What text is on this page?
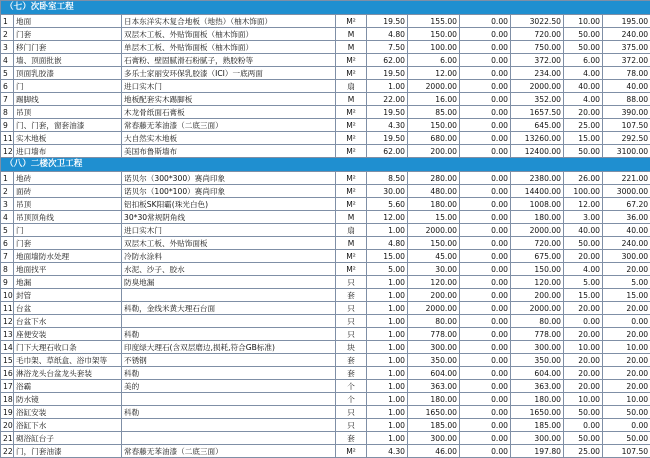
（七）次卧室工程									
1	地面	日本东洋实木复合地板（地热）（柚木饰面）	M²	19.50	155.00	0.00	3022.50	10.00	195.00
2	门套	双层木工板、外贴饰面板（柚木饰面）	M	4.80	150.00	0.00	720.00	50.00	240.00
3	移门门套	单层木工板、外贴饰面板（柚木饰面）	M	7.50	100.00	0.00	750.00	50.00	375.00
4	墙、顶面批嵌	石膏粉、壁固腻滑石粉腻子，熟胶粉等	M²	62.00	6.00	0.00	372.00	6.00	372.00
5	顶面乳胶漆	多乐士家丽安环保乳胶漆（ICI）一底两面	M²	19.50	12.00	0.00	234.00	4.00	78.00
6	门	进口实木门	扇	1.00	2000.00	0.00	2000.00	40.00	40.00
7	踢脚线	地板配套实木踢脚板	M	22.00	16.00	0.00	352.00	4.00	88.00
8	吊顶	木龙骨纸面石膏板	M²	19.50	85.00	0.00	1657.50	20.00	390.00
9	门、门套，窗套油漆	常春藤无苯油漆（二底三面）	M²	4.30	150.00	0.00	645.00	25.00	107.50
11	实木地板	大自然实木地板	M²	19.50	680.00	0.00	13260.00	15.00	292.50
12	进口墙布	美国布鲁斯墙布	M²	62.00	200.00	0.00	12400.00	50.00	3100.00
（八）二楼次卫工程									
1	地砖	诺贝尔（300*300）赛尚印象	M²	8.50	280.00	0.00	2380.00	26.00	221.00
2	面砖	诺贝尔（100*100）赛尚印象	M²	30.00	480.00	0.00	14400.00	100.00	3000.00
3	吊顶	铝扣板SK阳霸(珠光白色)	M²	5.60	180.00	0.00	1008.00	12.00	67.20
4	吊顶顶角线	30*30常规阴角线	M	12.00	15.00	0.00	180.00	3.00	36.00
5	门	进口实木门	扇	1.00	2000.00	0.00	2000.00	40.00	40.00
6	门套	双层木工板、外贴饰面板	M	4.80	150.00	0.00	720.00	50.00	240.00
7	地面墙防水处理	冷防水涂料	M²	15.00	45.00	0.00	675.00	20.00	300.00
8	地面找平	水泥、沙子、胶水	M²	5.00	30.00	0.00	150.00	4.00	20.00
9	地漏	防臭地漏	只	1.00	120.00	0.00	120.00	5.00	5.00
10	封管		套	1.00	200.00	0.00	200.00	15.00	15.00
11	台盆	科勒，金线米黄大理石台面	只	1.00	2000.00	0.00	2000.00	20.00	20.00
12	台盆下水		只	1.00	80.00	0.00	80.00	0.00	0.00
13	座便安装	科勒	只	1.00	778.00	0.00	778.00	20.00	20.00
14	门下大理石收口条	印度绿大理石(含双层磨边,损耗,符合GB标准)	块	1.00	300.00	0.00	300.00	10.00	10.00
15	毛巾架、草纸盒、浴巾架等	不锈钢	套	1.00	350.00	0.00	350.00	20.00	20.00
16	淋浴龙头台盆龙头套装	科勒	套	1.00	604.00	0.00	604.00	20.00	20.00
17	浴霸	美的	个	1.00	363.00	0.00	363.00	20.00	20.00
18	防水镜		个	1.00	180.00	0.00	180.00	10.00	10.00
19	浴缸安装	科勒	只	1.00	1650.00	0.00	1650.00	50.00	50.00
20	浴缸下水		只	1.00	185.00	0.00	185.00	0.00	0.00
21	砌浴缸台子		套	1.00	300.00	0.00	300.00	50.00	50.00
22	门，门套油漆	常春藤无苯油漆（二底三面）	M²	4.30	46.00	0.00	197.80	25.00	107.50
